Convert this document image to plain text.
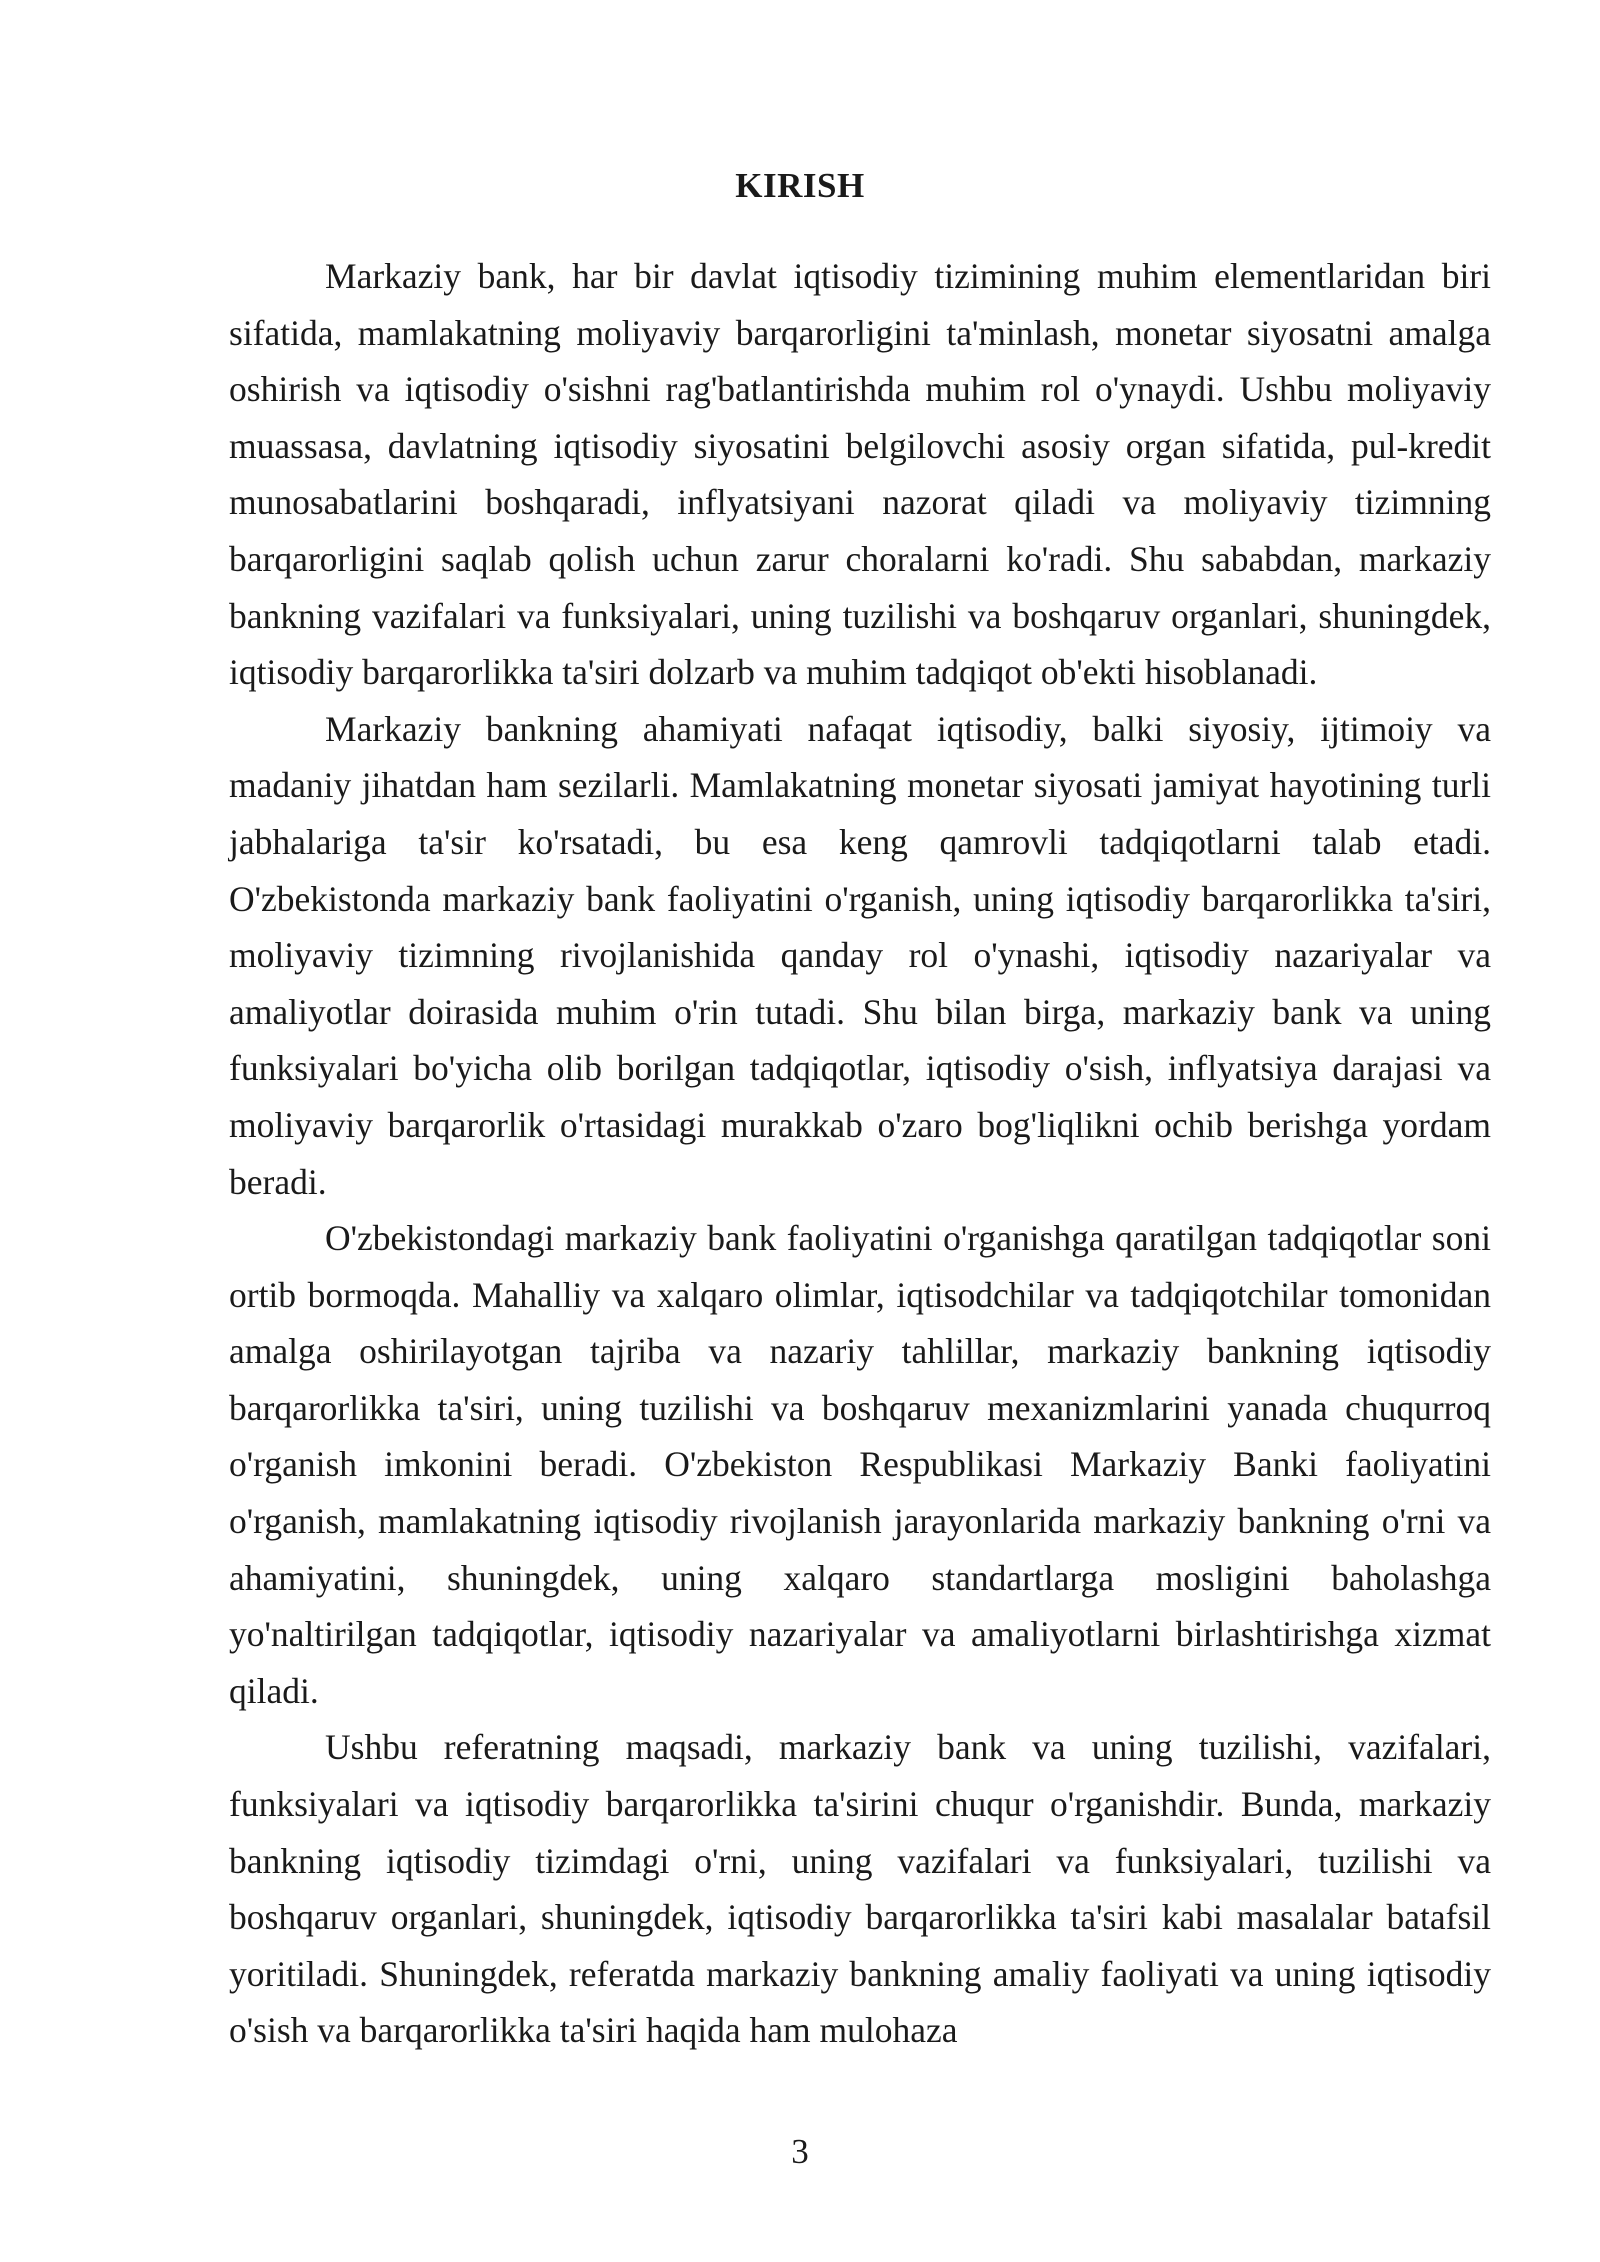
KIRISH

Markaziy bank, har bir davlat iqtisodiy tizimining muhim elementlaridan biri sifatida, mamlakatning moliyaviy barqarorligini ta'minlash, monetar siyosatni amalga oshirish va iqtisodiy o'sishni rag'batlantirishda muhim rol o'ynaydi. Ushbu moliyaviy muassasa, davlatning iqtisodiy siyosatini belgilovchi asosiy organ sifatida, pul-kredit munosabatlarini boshqaradi, inflyatsiyani nazorat qiladi va moliyaviy tizimning barqarorligini saqlab qolish uchun zarur choralarni ko'radi. Shu sababdan, markaziy bankning vazifalari va funksiyalari, uning tuzilishi va boshqaruv organlari, shuningdek, iqtisodiy barqarorlikka ta'siri dolzarb va muhim tadqiqot ob'ekti hisoblanadi.

Markaziy bankning ahamiyati nafaqat iqtisodiy, balki siyosiy, ijtimoiy va madaniy jihatdan ham sezilarli. Mamlakatning monetar siyosati jamiyat hayotining turli jabhalariga ta'sir ko'rsatadi, bu esa keng qamrovli tadqiqotlarni talab etadi. O'zbekistonda markaziy bank faoliyatini o'rganish, uning iqtisodiy barqarorlikka ta'siri, moliyaviy tizimning rivojlanishida qanday rol o'ynashi, iqtisodiy nazariyalar va amaliyotlar doirasida muhim o'rin tutadi. Shu bilan birga, markaziy bank va uning funksiyalari bo'yicha olib borilgan tadqiqotlar, iqtisodiy o'sish, inflyatsiya darajasi va moliyaviy barqarorlik o'rtasidagi murakkab o'zaro bog'liqlikni ochib berishga yordam beradi.

O'zbekistondagi markaziy bank faoliyatini o'rganishga qaratilgan tadqiqotlar soni ortib bormoqda. Mahalliy va xalqaro olimlar, iqtisodchilar va tadqiqotchilar tomonidan amalga oshirilayotgan tajriba va nazariy tahlillar, markaziy bankning iqtisodiy barqarorlikka ta'siri, uning tuzilishi va boshqaruv mexanizmlarini yanada chuqurroq o'rganish imkonini beradi. O'zbekiston Respublikasi Markaziy Banki faoliyatini o'rganish, mamlakatning iqtisodiy rivojlanish jarayonlarida markaziy bankning o'rni va ahamiyatini, shuningdek, uning xalqaro standartlarga mosligini baholashga yo'naltirilgan tadqiqotlar, iqtisodiy nazariyalar va amaliyotlarni birlashtirishga xizmat qiladi.

Ushbu referatning maqsadi, markaziy bank va uning tuzilishi, vazifalari, funksiyalari va iqtisodiy barqarorlikka ta'sirini chuqur o'rganishdir. Bunda, markaziy bankning iqtisodiy tizimdagi o'rni, uning vazifalari va funksiyalari, tuzilishi va boshqaruv organlari, shuningdek, iqtisodiy barqarorlikka ta'siri kabi masalalar batafsil yoritiladi. Shuningdek, referatda markaziy bankning amaliy faoliyati va uning iqtisodiy o'sish va barqarorlikka ta'siri haqida ham mulohaza

3
